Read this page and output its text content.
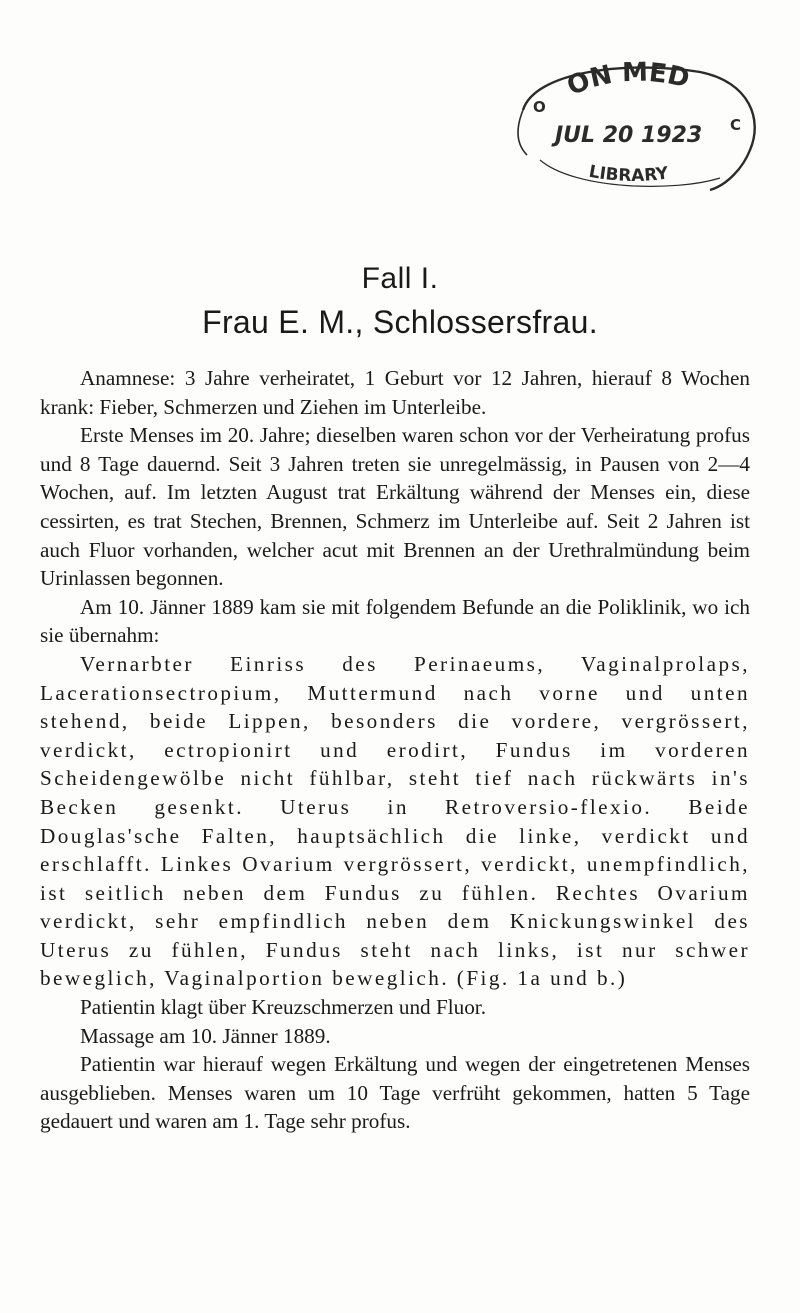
ON MED
O
C
JUL 20 1923
LIBRARY
Fall I.
Frau E. M., Schlossersfrau.

Anamnese: 3 Jahre verheiratet, 1 Geburt vor 12 Jahren, hierauf 8 Wochen krank: Fieber, Schmerzen und Ziehen im Unterleibe.

Erste Menses im 20. Jahre; dieselben waren schon vor der Verheiratung profus und 8 Tage dauernd. Seit 3 Jahren treten sie unregelmässig, in Pausen von 2—4 Wochen, auf. Im letzten August trat Erkältung während der Menses ein, diese cessirten, es trat Stechen, Brennen, Schmerz im Unterleibe auf. Seit 2 Jahren ist auch Fluor vorhanden, welcher acut mit Brennen an der Urethralmündung beim Urinlassen begonnen.

Am 10. Jänner 1889 kam sie mit folgendem Befunde an die Poliklinik, wo ich sie übernahm:

Vernarbter Einriss des Perinaeums, Vaginalprolaps, Lacerationsectropium, Muttermund nach vorne und unten stehend, beide Lippen, besonders die vordere, vergrössert, verdickt, ectropionirt und erodirt, Fundus im vorderen Scheidengewölbe nicht fühlbar, steht tief nach rückwärts in's Becken gesenkt. Uterus in Retroversio-flexio. Beide Douglas'sche Falten, hauptsächlich die linke, verdickt und erschlafft. Linkes Ovarium vergrössert, verdickt, unempfindlich, ist seitlich neben dem Fundus zu fühlen. Rechtes Ovarium verdickt, sehr empfindlich neben dem Knickungswinkel des Uterus zu fühlen, Fundus steht nach links, ist nur schwer beweglich, Vaginalportion beweglich. (Fig. 1a und b.)

Patientin klagt über Kreuzschmerzen und Fluor.

Massage am 10. Jänner 1889.

Patientin war hierauf wegen Erkältung und wegen der eingetretenen Menses ausgeblieben. Menses waren um 10 Tage verfrüht gekommen, hatten 5 Tage gedauert und waren am 1. Tage sehr profus.
